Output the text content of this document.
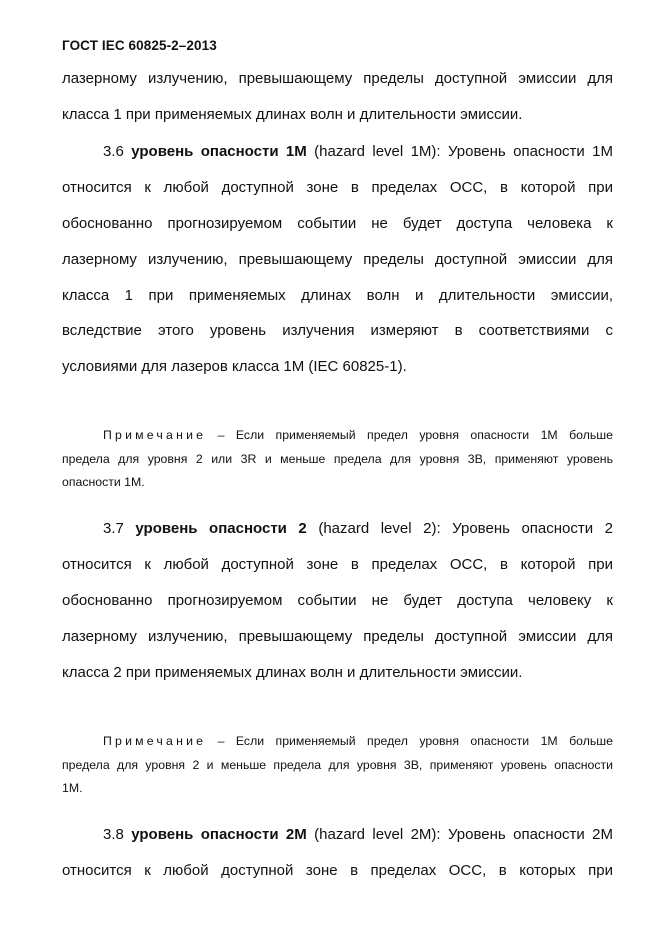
ГОСТ IEC 60825-2–2013
лазерному излучению, превышающему пределы доступной эмиссии для
класса 1 при применяемых длинах волн и длительности эмиссии.
3.6 уровень опасности 1М (hazard level 1M): Уровень опасности 1М
относится к любой доступной зоне в пределах ОСС, в которой при
обоснованно прогнозируемом событии не будет доступа человека к
лазерному излучению, превышающему пределы доступной эмиссии для
класса 1 при применяемых длинах волн и длительности эмиссии,
вследствие этого уровень излучения измеряют в соответствиями с
условиями для лазеров класса 1М (IEC 60825-1).
Примечание – Если применяемый предел уровня опасности 1М больше
предела для уровня 2 или 3R и меньше предела для уровня 3В, применяют уровень
опасности 1М.
3.7 уровень опасности 2 (hazard level 2): Уровень опасности 2
относится к любой доступной зоне в пределах ОСС, в которой при
обоснованно прогнозируемом событии не будет доступа человеку к
лазерному излучению, превышающему пределы доступной эмиссии для
класса 2 при применяемых длинах волн и длительности эмиссии.
Примечание – Если применяемый предел уровня опасности 1М больше
предела для уровня 2 и меньше предела для уровня 3В, применяют уровень опасности
1М.
3.8 уровень опасности 2М (hazard level 2M): Уровень опасности 2М
относится к любой доступной зоне в пределах ОСС, в которых при
